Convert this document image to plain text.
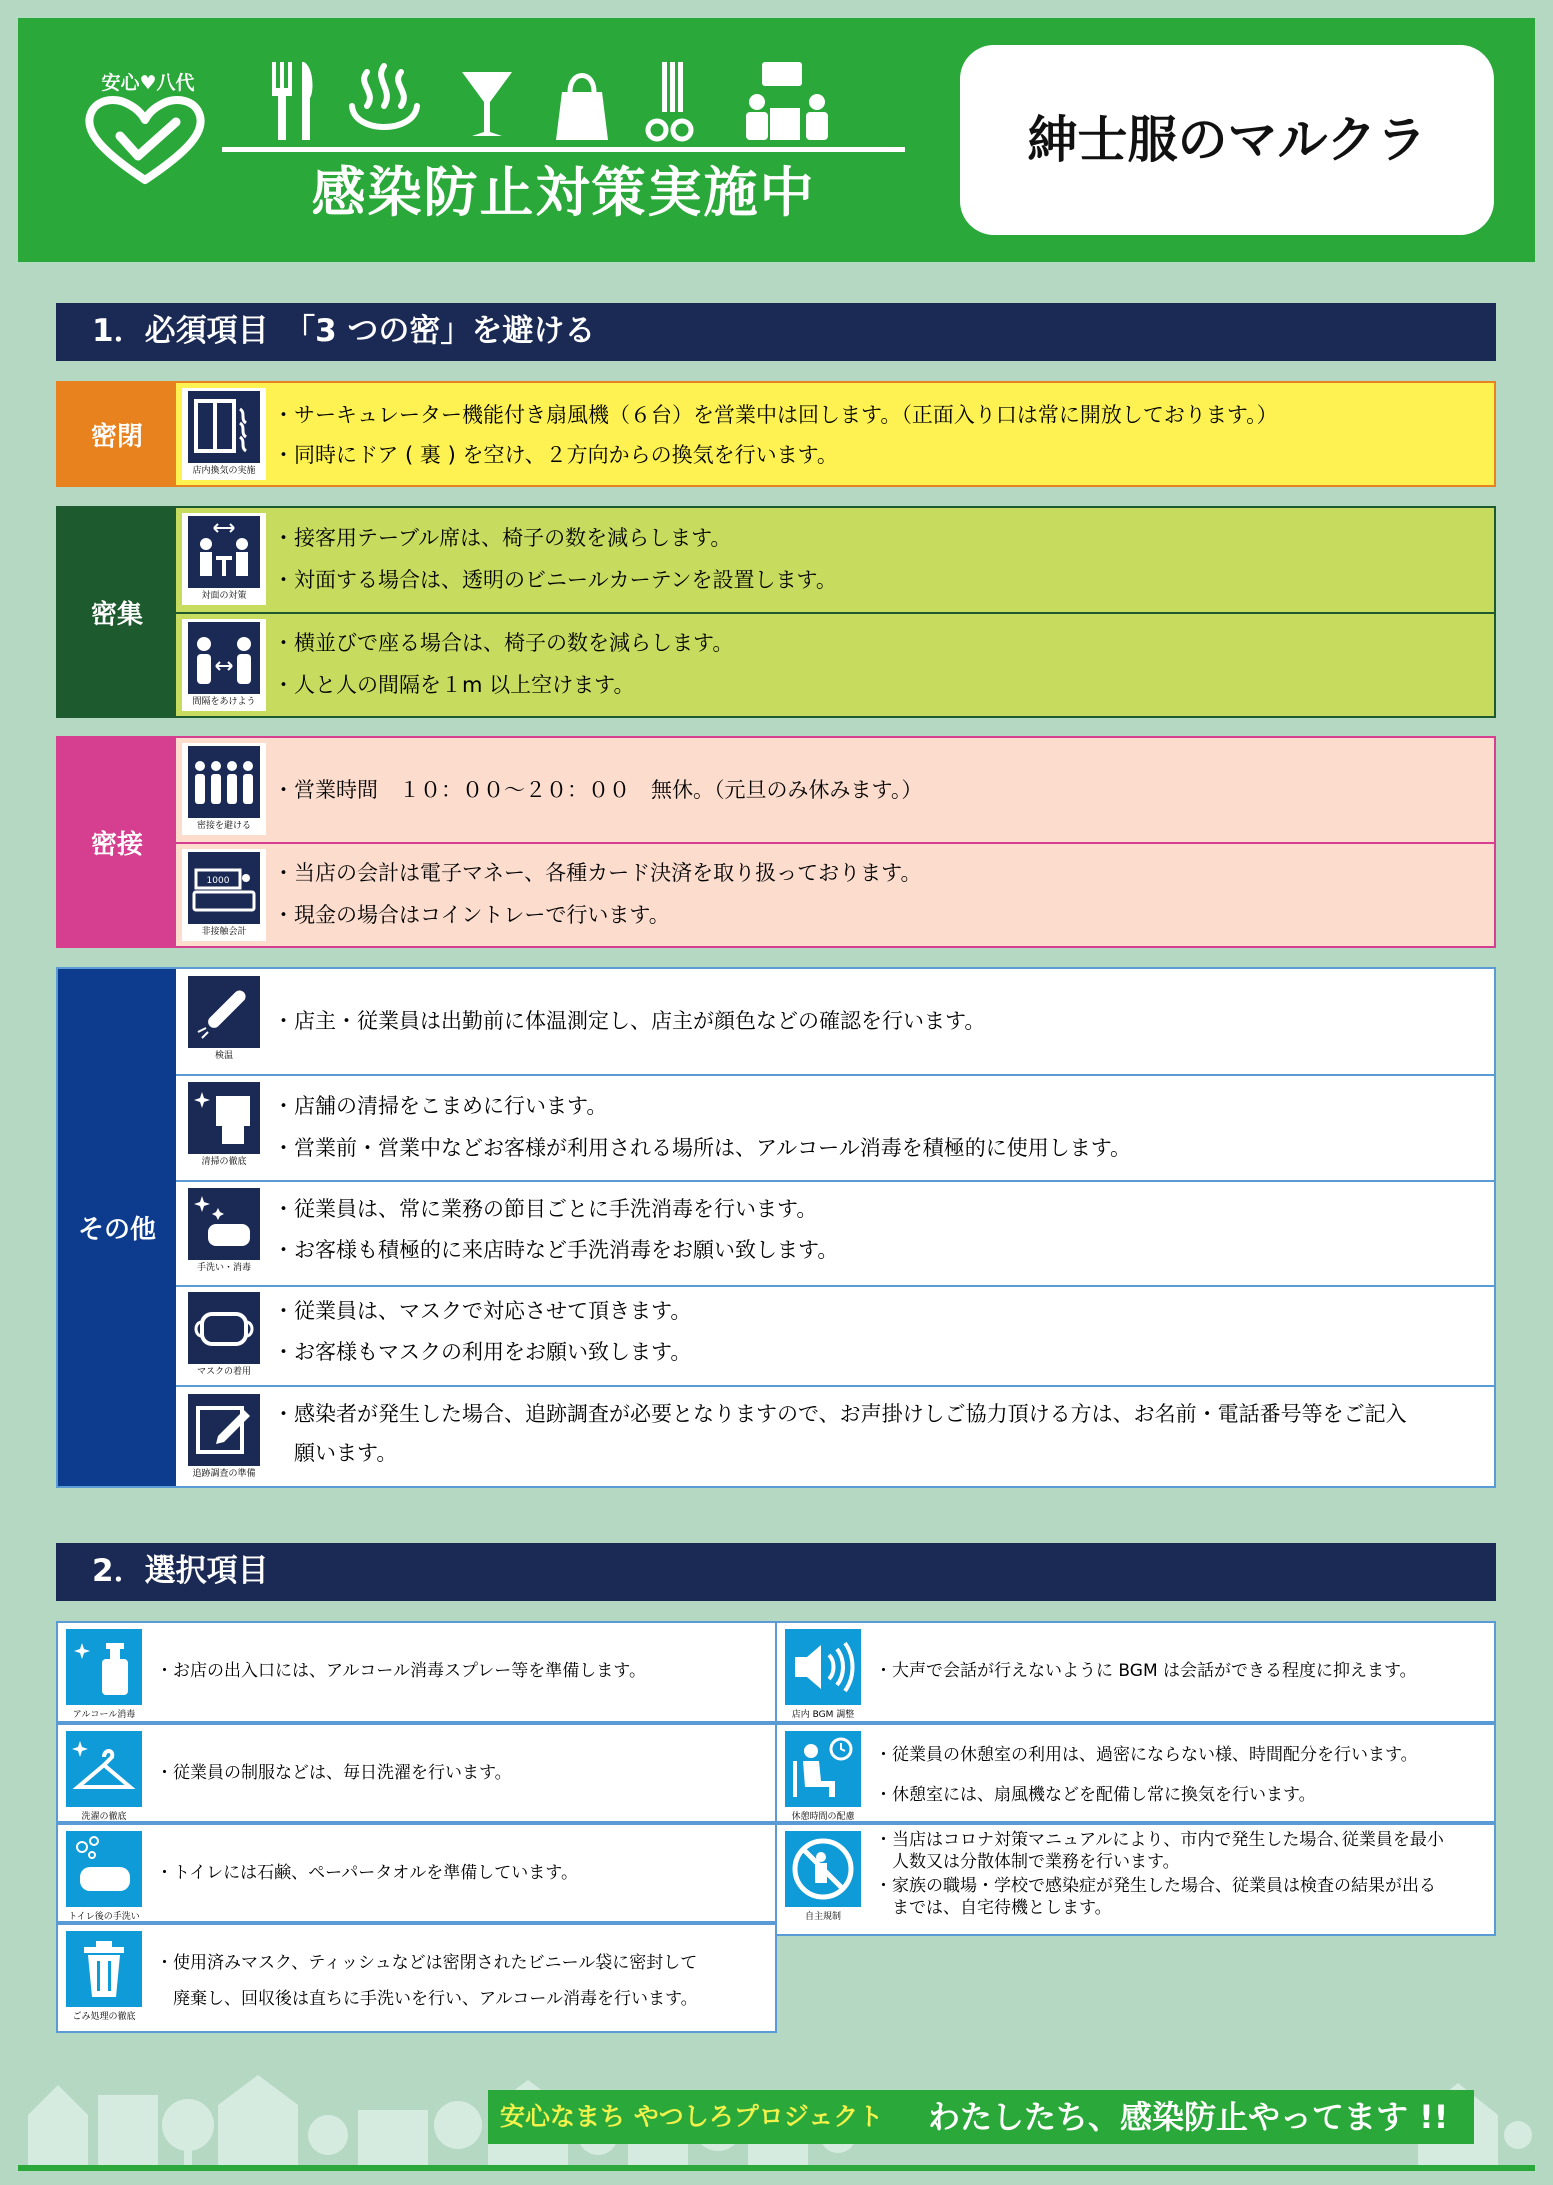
安心♥八代
感染防止対策実施中
紳士服のマルクラ
1．必須項目　「3 つの密」を避ける
密閉
店内換気の実施
・サーキュレーター機能付き扇風機（６台）を営業中は回します。（正面入り口は常に開放しております。）
・同時にドア ( 裏 ) を空け、２方向からの換気を行います。
密集
対面の対策
・接客用テーブル席は、椅子の数を減らします。
・対面する場合は、透明のビニールカーテンを設置します。
間隔をあけよう
・横並びで座る場合は、椅子の数を減らします。
・人と人の間隔を１m 以上空けます。
密接
密接を避ける
・営業時間　１０：００～２０：００　無休。（元旦のみ休みます。）
1000
非接触会計
・当店の会計は電子マネー、各種カード決済を取り扱っております。
・現金の場合はコイントレーで行います。
その他
検温
・店主・従業員は出勤前に体温測定し、店主が顔色などの確認を行います。
清掃の徹底
・店舗の清掃をこまめに行います。
・営業前・営業中などお客様が利用される場所は、アルコール消毒を積極的に使用します。
手洗い・消毒
・従業員は、常に業務の節目ごとに手洗消毒を行います。
・お客様も積極的に来店時など手洗消毒をお願い致します。
マスクの着用
・従業員は、マスクで対応させて頂きます。
・お客様もマスクの利用をお願い致します。
追跡調査の準備
・感染者が発生した場合、追跡調査が必要となりますので、お声掛けしご協力頂ける方は、お名前・電話番号等をご記入
　願います。
2．選択項目
アルコール消毒
・お店の出入口には、アルコール消毒スプレー等を準備します。
洗濯の徹底
・従業員の制服などは、毎日洗濯を行います。
トイレ後の手洗い
・トイレには石鹸、ペーパータオルを準備しています。
ごみ処理の徹底
・使用済みマスク、ティッシュなどは密閉されたビニール袋に密封して
　廃棄し、回収後は直ちに手洗いを行い、アルコール消毒を行います。
店内 BGM 調整
・大声で会話が行えないように BGM は会話ができる程度に抑えます。
休憩時間の配慮
・従業員の休憩室の利用は、過密にならない様、時間配分を行います。
・休憩室には、扇風機などを配備し常に換気を行います。
自主規制
・当店はコロナ対策マニュアルにより、市内で発生した場合､従業員を最小
　人数又は分散体制で業務を行います。
・家族の職場・学校で感染症が発生した場合、従業員は検査の結果が出る
　までは、自宅待機とします。
安心なまち やつしろプロジェクト わたしたち、感染防止やってます !!
